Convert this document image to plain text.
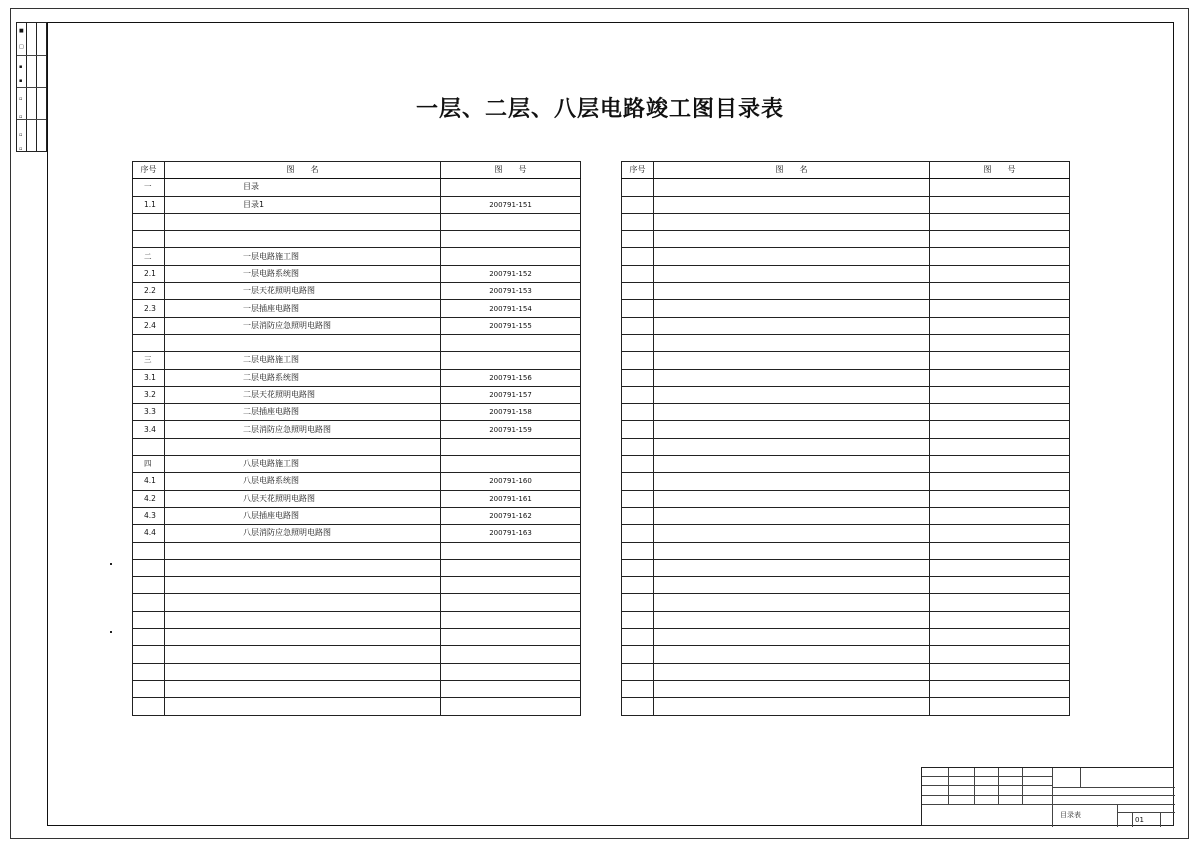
■
□
▪
▪
▫
▫
▫
▫
一层、二层、八层电路竣工图目录表
序号	图　　名	图　　号
一	目录	
1.1	目录1	200791-151

二	一层电路施工图	
2.1	一层电路系统图	200791-152
2.2	一层天花照明电路图	200791-153
2.3	一层插座电路图	200791-154
2.4	一层消防应急照明电路图	200791-155

三	二层电路施工图	
3.1	二层电路系统图	200791-156
3.2	二层天花照明电路图	200791-157
3.3	二层插座电路图	200791-158
3.4	二层消防应急照明电路图	200791-159

四	八层电路施工图	
4.1	八层电路系统图	200791-160
4.2	八层天花照明电路图	200791-161
4.3	八层插座电路图	200791-162
4.4	八层消防应急照明电路图	200791-163

序号	图　　名	图　　号

目录表
01
